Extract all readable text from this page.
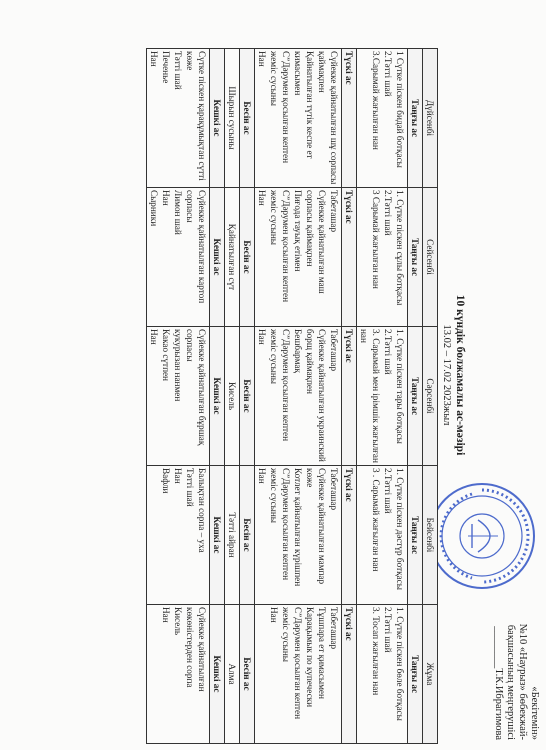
«Бекітемін»
№10 «Наурыз» бөбекжай-
бақшасының меңгерушісі
________Т.К.Ибрагимова
10 күндік болжамалы ас-мәзірі
13.02 – 17.02 2023жыл
Дүйсенбі	Сейсенбі	Сәрсенбі	Бейсенбі	Жұма
Таңғы ас	Таңғы ас	Таңғы ас	Таңғы ас	Таңғы ас

1 Сүтке піскен бидай ботқасы
2.Тәтті шай
3.Сарымай жағылған нан	1. Сүтке піскен сұлы ботқасы
2.Тәтті шай
3 Сарымай жағылған нан	1. Сүтке піскен тары ботқасы
2.Тәтті шай
3. Сарымай мен ірімшік жағылған нан	1. Сүтке піскен дәстүр ботқасы
2.Тәтті шай
3 . Сарымай жағылған нан	1. Сүтке піскен бөле ботқасы
2.Тәтті шай
3. Тосап жағылған нан

Түскі ас	Түскі ас	Түскі ас	Түскі ас	Түскі ас

Сүйекке қайнатылған шұ сорпасы қаймақпен
Қайнатылған түтік кеспе ет кимасымен
С”Дәрумен қосылған кептен жеміс сусыны
Нан	Табеташар
Сүйекке қайнатылған маш сорпасы қаймақпен
Пиғода тауық етімен
С”Дәрумен қосылған кептен жеміс сусыны
Нан	Табеташар
Сүйекке қайнатылған украинский борщ қаймақпен
Бешбармақ
С”Дәрумен қосылған кептен жеміс сусыны
Нан	Табеташар
Сүйекке қайнатылған мампар көже
Котлет қайнатылған күрішпен
С”Дәрумен қосылған кептен жеміс сусыны
Нан	Табеташар
Тұшпара ет қимасымен
Карақымык по купечески
С”Дәрумен қосылған кептен жеміс сусыны
Нан

Бесін ас	Бесін ас	Бесін ас	Бесін ас	Бесін ас
Шырын сусыны	Қайнатылған сүт	Кисель	Тәтті айран	Алма
Кешкі ас	Кешкі ас	Кешкі ас	Кешкі ас	Кешкі ас

Сүтке піскен қарақұмықтан сүтті көже
Тәтті шай
Печенье
Нан	Сүйекке қайнатылған картоп сорпасы
Лимон шай
Нан
Сырники	Сүйекке қайнатылған бұршақ сорпасы
кукурызан нанмен
Какао сүтпен
Нан	Балықтан сорпа – уха
Тәтті шай
Нан
Вафли	Сүйекке қайнатылған көкөністерден сорпа
Кисель
Нан
